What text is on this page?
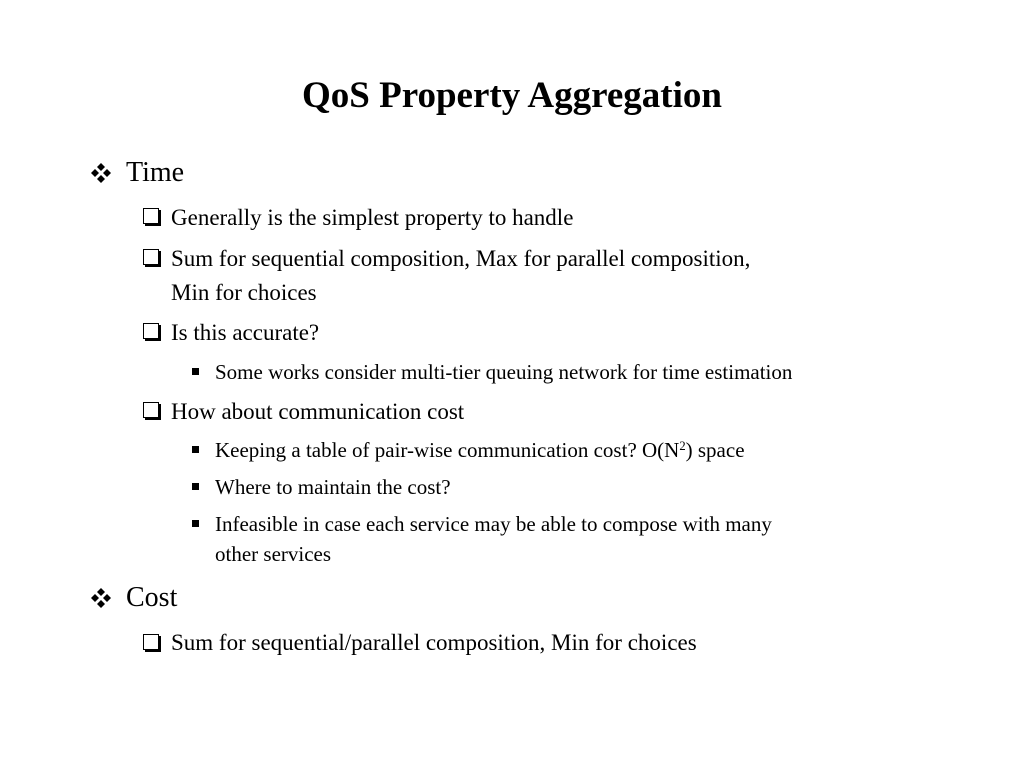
QoS Property Aggregation
Time
Generally is the simplest property to handle
Sum for sequential composition, Max for parallel composition,
Min for choices
Is this accurate?
Some works consider multi-tier queuing network for time estimation
How about communication cost
Keeping a table of pair-wise communication cost? $O(N^2)$ space
Where to maintain the cost?
Infeasible in case each service may be able to compose with many
other services
Cost
Sum for sequential/parallel composition, Min for choices
